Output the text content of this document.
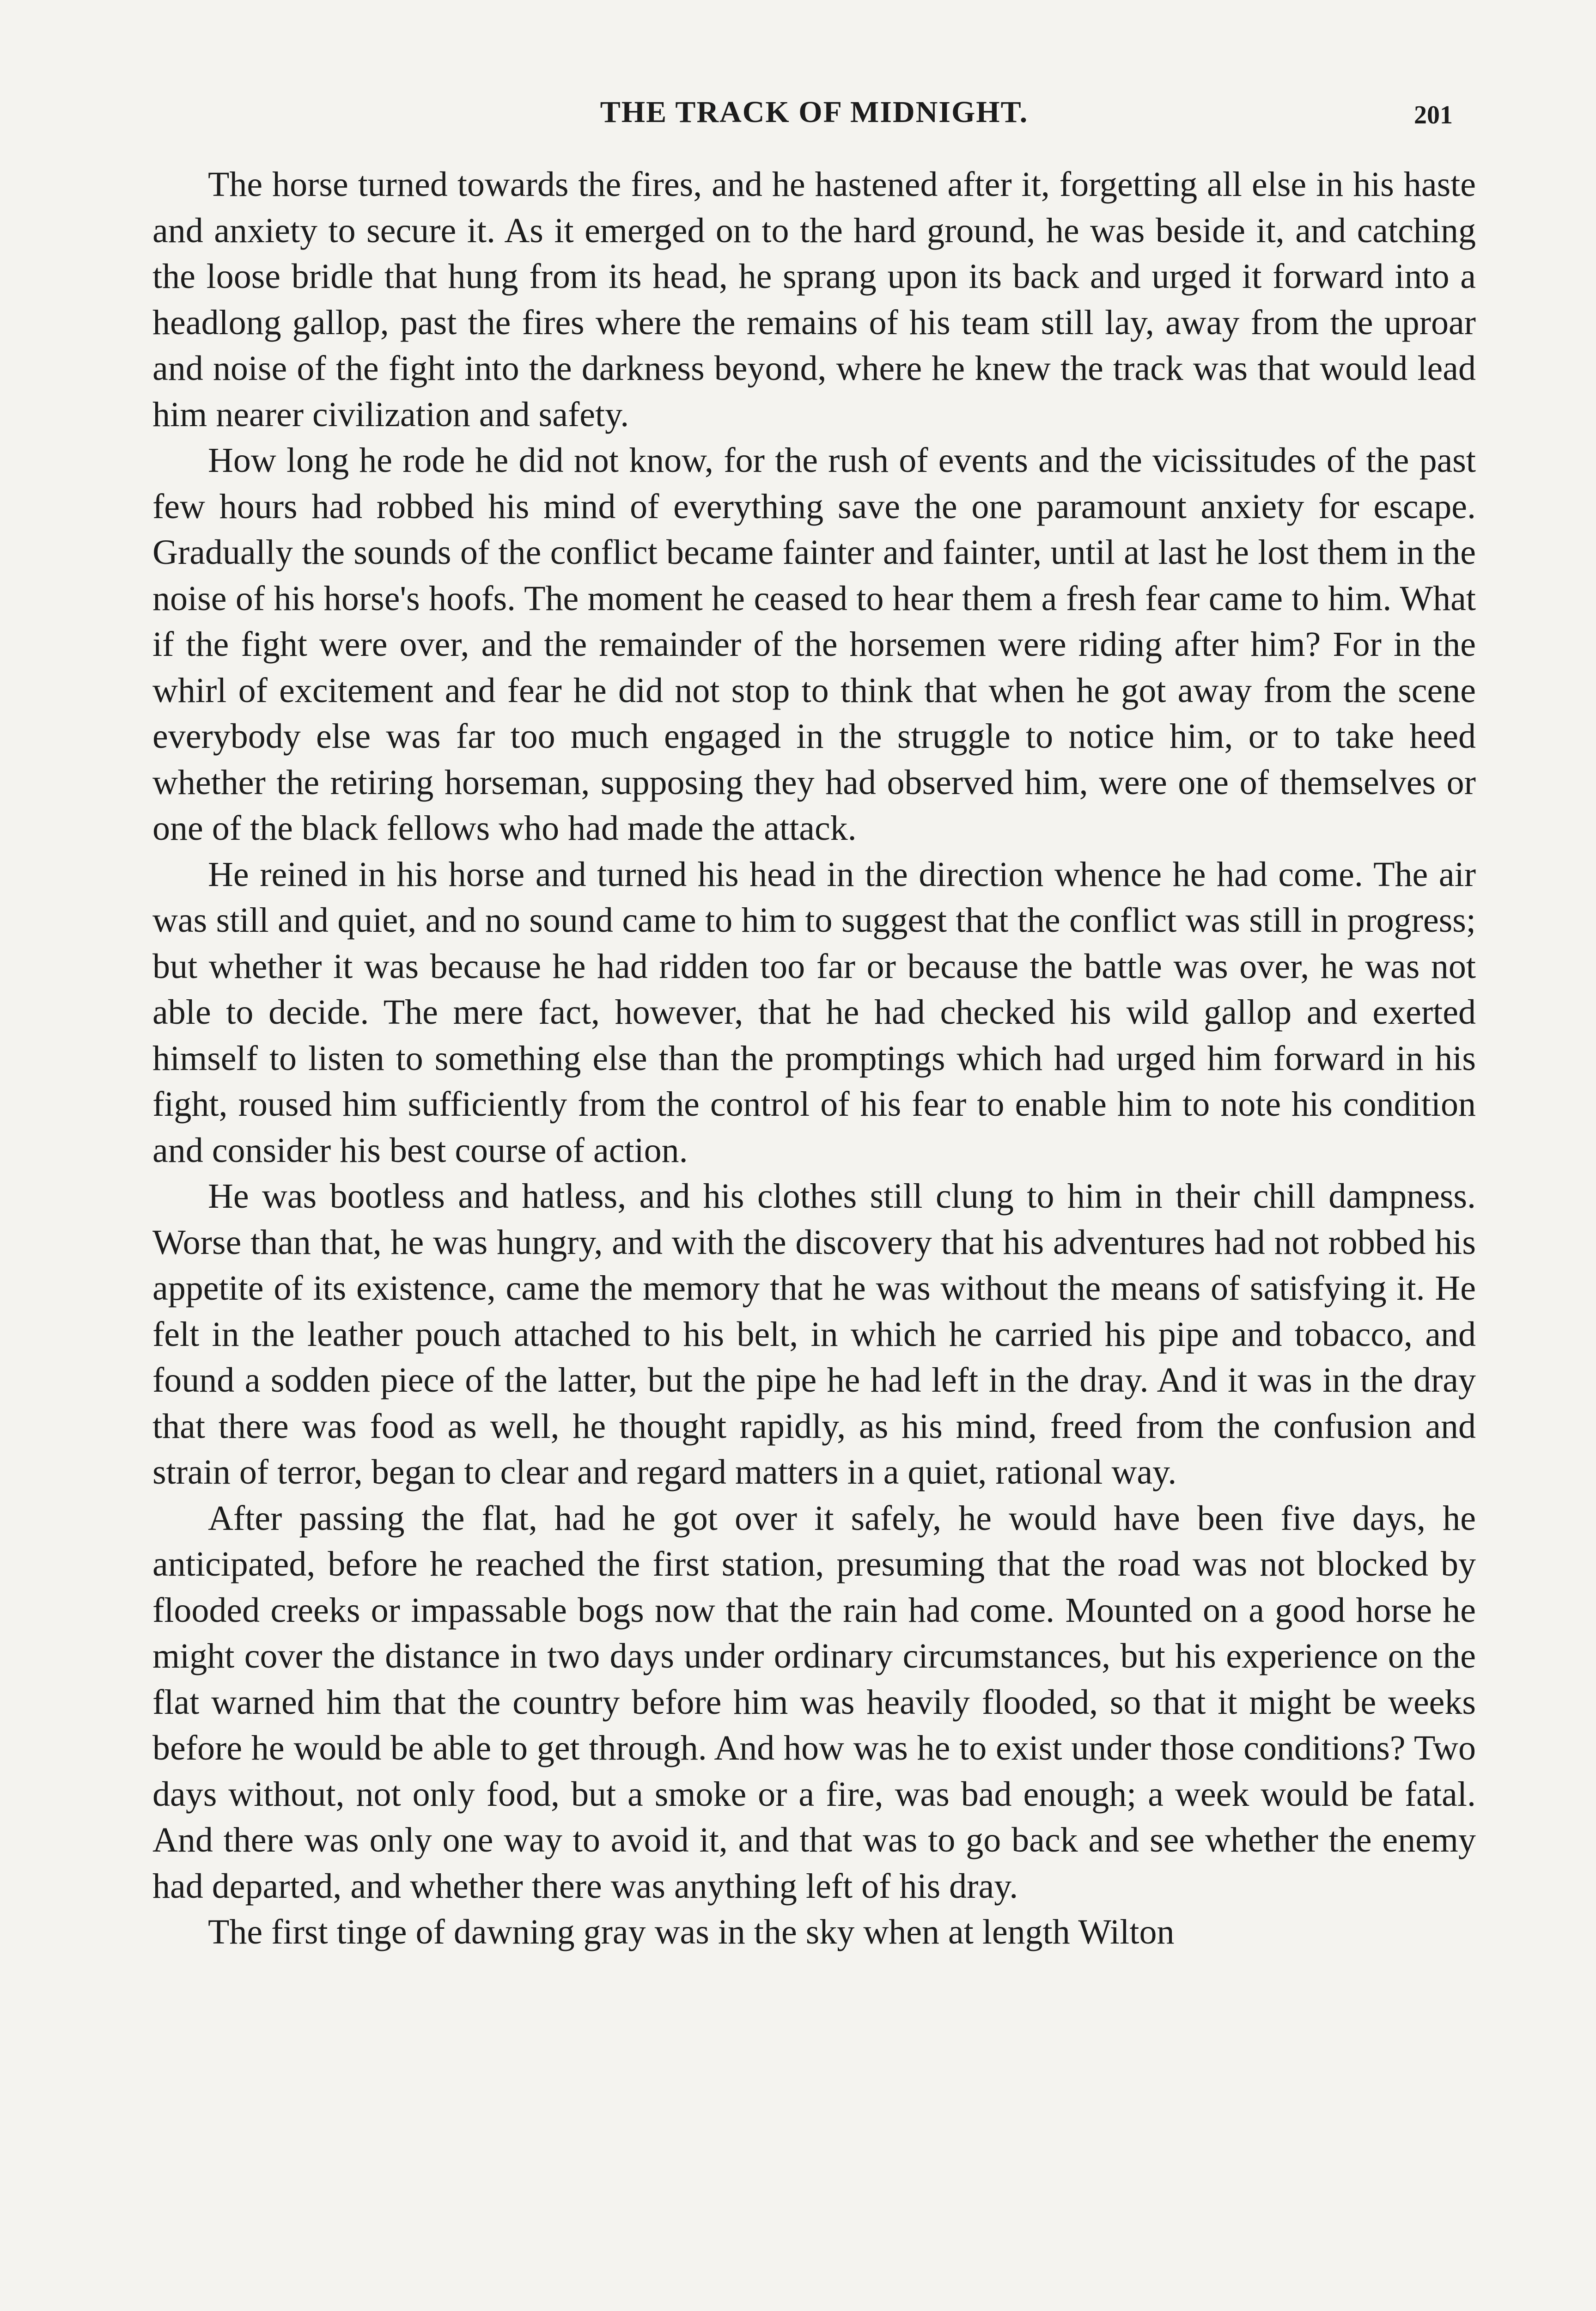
THE TRACK OF MIDNIGHT.	201

The horse turned towards the fires, and he hastened after it, forgetting all else in his haste and anxiety to secure it. As it emerged on to the hard ground, he was beside it, and catching the loose bridle that hung from its head, he sprang upon its back and urged it forward into a headlong gallop, past the fires where the remains of his team still lay, away from the uproar and noise of the fight into the darkness beyond, where he knew the track was that would lead him nearer civilization and safety.

How long he rode he did not know, for the rush of events and the vicissitudes of the past few hours had robbed his mind of everything save the one paramount anxiety for escape. Gradually the sounds of the conflict became fainter and fainter, until at last he lost them in the noise of his horse's hoofs. The moment he ceased to hear them a fresh fear came to him. What if the fight were over, and the remainder of the horsemen were riding after him? For in the whirl of excitement and fear he did not stop to think that when he got away from the scene everybody else was far too much engaged in the struggle to notice him, or to take heed whether the retiring horseman, supposing they had observed him, were one of themselves or one of the black fellows who had made the attack.

He reined in his horse and turned his head in the direction whence he had come. The air was still and quiet, and no sound came to him to suggest that the conflict was still in progress; but whether it was because he had ridden too far or because the battle was over, he was not able to decide. The mere fact, however, that he had checked his wild gallop and exerted himself to listen to something else than the promptings which had urged him forward in his fight, roused him sufficiently from the control of his fear to enable him to note his condition and consider his best course of action.

He was bootless and hatless, and his clothes still clung to him in their chill dampness. Worse than that, he was hungry, and with the discovery that his adventures had not robbed his appetite of its existence, came the memory that he was without the means of satisfying it. He felt in the leather pouch attached to his belt, in which he carried his pipe and tobacco, and found a sodden piece of the latter, but the pipe he had left in the dray. And it was in the dray that there was food as well, he thought rapidly, as his mind, freed from the confusion and strain of terror, began to clear and regard matters in a quiet, rational way.

After passing the flat, had he got over it safely, he would have been five days, he anticipated, before he reached the first station, presuming that the road was not blocked by flooded creeks or impassable bogs now that the rain had come. Mounted on a good horse he might cover the distance in two days under ordinary circumstances, but his experience on the flat warned him that the country before him was heavily flooded, so that it might be weeks before he would be able to get through. And how was he to exist under those conditions? Two days without, not only food, but a smoke or a fire, was bad enough; a week would be fatal. And there was only one way to avoid it, and that was to go back and see whether the enemy had departed, and whether there was anything left of his dray.

The first tinge of dawning gray was in the sky when at length Wilton
